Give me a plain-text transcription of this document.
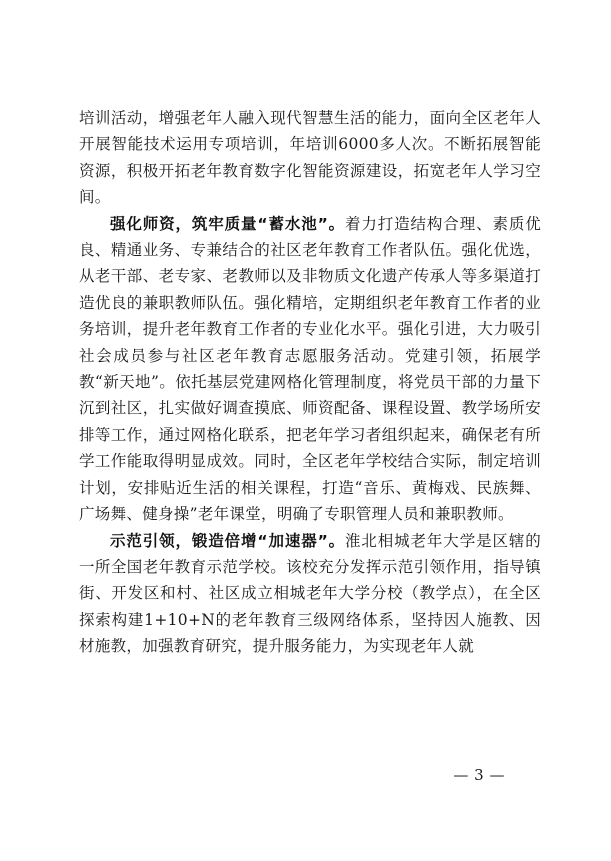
培训活动，增强老年人融入现代智慧生活的能力，面向全区老年人开展智能技术运用专项培训，年培训6000多人次。不断拓展智能资源，积极开拓老年教育数字化智能资源建设，拓宽老年人学习空间。

强化师资，筑牢质量“蓄水池”。着力打造结构合理、素质优良、精通业务、专兼结合的社区老年教育工作者队伍。强化优选，从老干部、老专家、老教师以及非物质文化遗产传承人等多渠道打造优良的兼职教师队伍。强化精培，定期组织老年教育工作者的业务培训，提升老年教育工作者的专业化水平。强化引进，大力吸引社会成员参与社区老年教育志愿服务活动。党建引领，拓展学教“新天地”。依托基层党建网格化管理制度，将党员干部的力量下沉到社区，扎实做好调查摸底、师资配备、课程设置、教学场所安排等工作，通过网格化联系，把老年学习者组织起来，确保老有所学工作能取得明显成效。同时，全区老年学校结合实际，制定培训计划，安排贴近生活的相关课程，打造“音乐、黄梅戏、民族舞、广场舞、健身操”老年课堂，明确了专职管理人员和兼职教师。

示范引领，锻造倍增“加速器”。淮北相城老年大学是区辖的一所全国老年教育示范学校。该校充分发挥示范引领作用，指导镇街、开发区和村、社区成立相城老年大学分校（教学点），在全区探索构建1+10+N的老年教育三级网络体系，坚持因人施教、因材施教，加强教育研究，提升服务能力，为实现老年人就

— 3 —
